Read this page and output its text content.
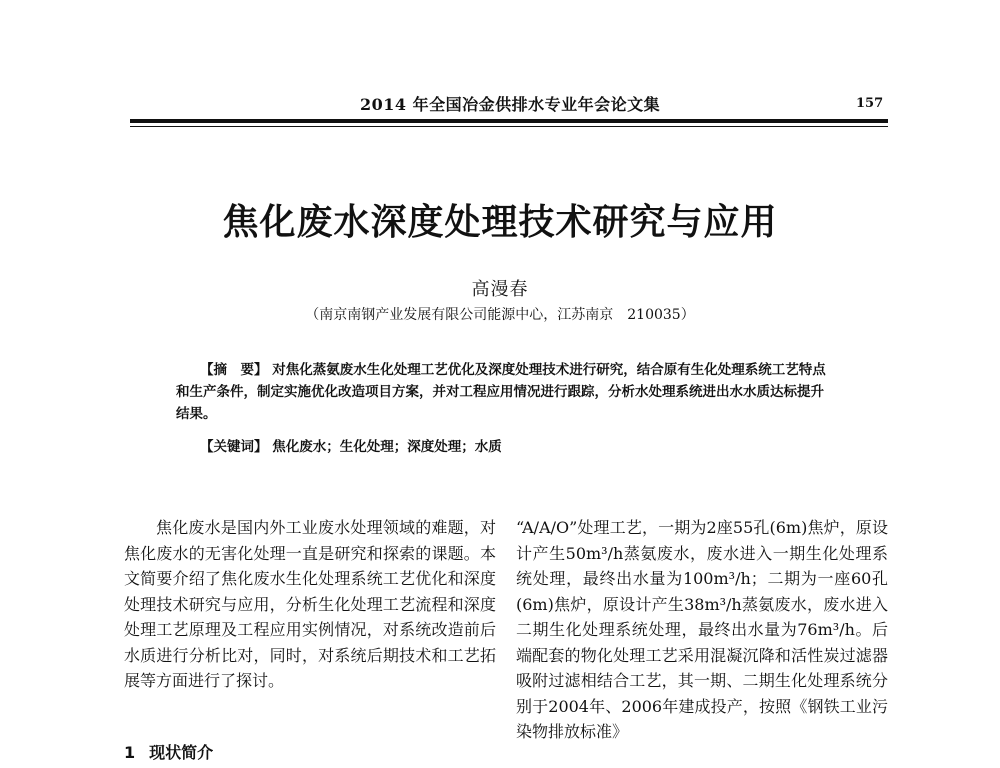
2014 年全国冶金供排水专业年会论文集	157
焦化废水深度处理技术研究与应用
高漫春
（南京南钢产业发展有限公司能源中心，江苏南京　210035）

【摘　要】 对焦化蒸氨废水生化处理工艺优化及深度处理技术进行研究，结合原有生化处理系统工艺特点和生产条件，制定实施优化改造项目方案，并对工程应用情况进行跟踪，分析水处理系统进出水水质达标提升结果。

【关键词】 焦化废水；生化处理；深度处理；水质

焦化废水是国内外工业废水处理领域的难题，对焦化废水的无害化处理一直是研究和探索的课题。本文简要介绍了焦化废水生化处理系统工艺优化和深度处理技术研究与应用，分析生化处理工艺流程和深度处理工艺原理及工程应用实例情况，对系统改造前后水质进行分析比对，同时，对系统后期技术和工艺拓展等方面进行了探讨。

1 现状简介

“A/A/O”处理工艺，一期为2座55孔(6m)焦炉，原设计产生50m³/h蒸氨废水，废水进入一期生化处理系统处理，最终出水量为100m³/h；二期为一座60孔(6m)焦炉，原设计产生38m³/h蒸氨废水，废水进入二期生化处理系统处理，最终出水量为76m³/h。后端配套的物化处理工艺采用混凝沉降和活性炭过滤器吸附过滤相结合工艺，其一期、二期生化处理系统分别于2004年、2006年建成投产，按照《钢铁工业污染物排放标准》
